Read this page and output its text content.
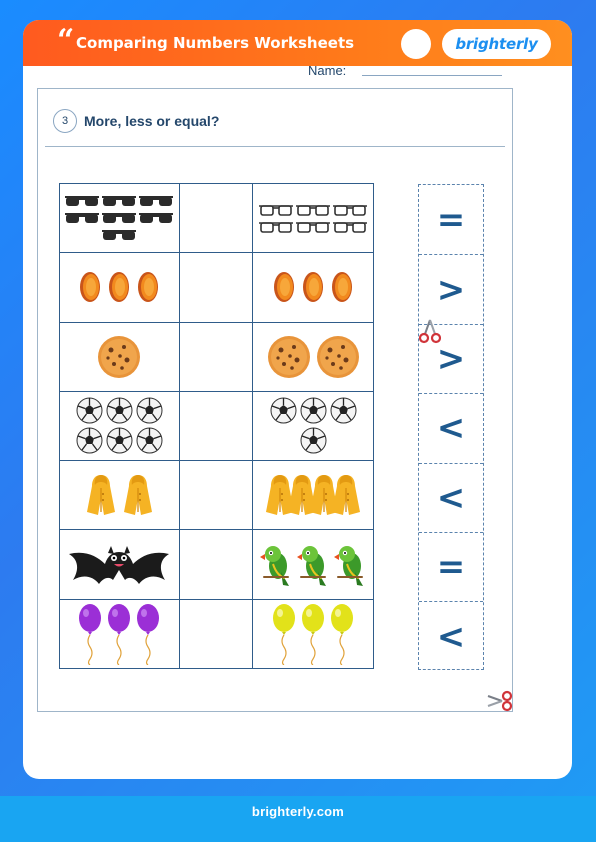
brighterly.com
“ Comparing Numbers Worksheets	brighterly
Name:
3	More, less or equal?

=
>
>
<
<
=
<
